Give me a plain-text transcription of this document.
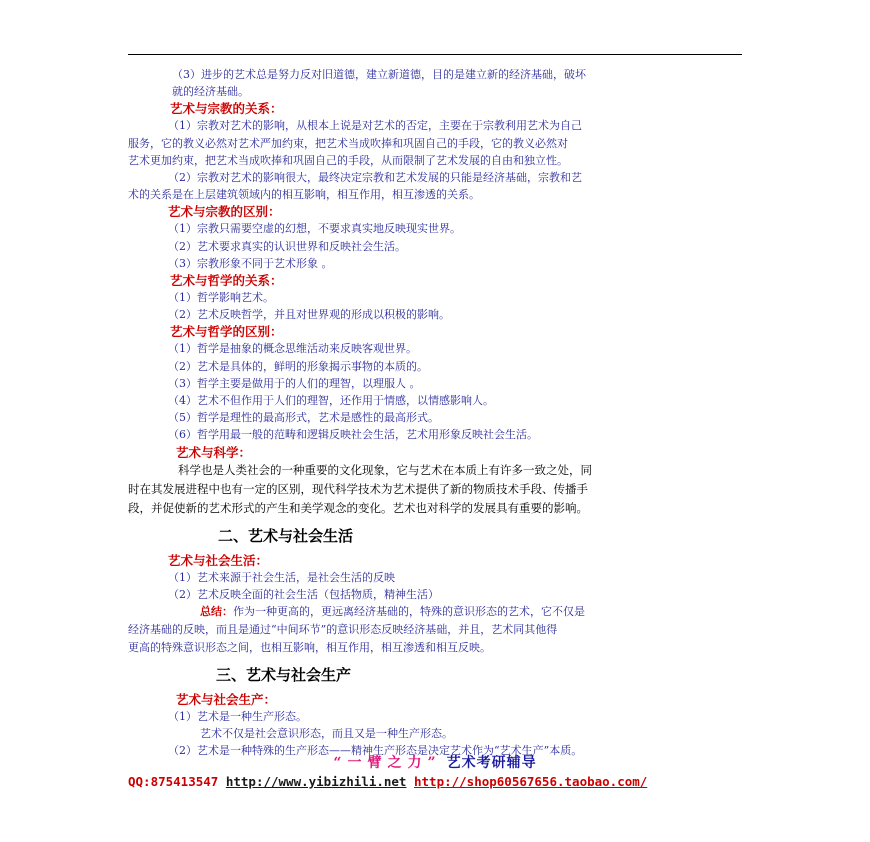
（3）进步的艺术总是努力反对旧道德，建立新道德，目的是建立新的经济基础，破坏
就的经济基础。
艺术与宗教的关系：
（1）宗教对艺术的影响，从根本上说是对艺术的否定，主要在于宗教利用艺术为自己
服务，它的教义必然对艺术严加约束，把艺术当成吹捧和巩固自己的手段，它的教义必然对
艺术更加约束，把艺术当成吹捧和巩固自己的手段，从而限制了艺术发展的自由和独立性。
（2）宗教对艺术的影响很大，最终决定宗教和艺术发展的只能是经济基础，宗教和艺
术的关系是在上层建筑领域内的相互影响，相互作用，相互渗透的关系。
艺术与宗教的区别：
（1）宗教只需要空虚的幻想，不要求真实地反映现实世界。
（2）艺术要求真实的认识世界和反映社会生活。
（3）宗教形象不同于艺术形象 。
艺术与哲学的关系：
（1）哲学影响艺术。
（2）艺术反映哲学，并且对世界观的形成以积极的影响。
艺术与哲学的区别：
（1）哲学是抽象的概念思维活动来反映客观世界。
（2）艺术是具体的，鲜明的形象揭示事物的本质的。
（3）哲学主要是做用于的人们的理智，以理服人 。
（4）艺术不但作用于人们的理智，还作用于情感，以情感影响人。
（5）哲学是理性的最高形式，艺术是感性的最高形式。
（6）哲学用最一般的范畴和逻辑反映社会生活，艺术用形象反映社会生活。
艺术与科学：
科学也是人类社会的一种重要的文化现象，它与艺术在本质上有许多一致之处，同
时在其发展进程中也有一定的区别，现代科学技术为艺术提供了新的物质技术手段、传播手
段，并促使新的艺术形式的产生和美学观念的变化。艺术也对科学的发展具有重要的影响。
二、艺术与社会生活
艺术与社会生活：
（1）艺术来源于社会生活，是社会生活的反映
（2）艺术反映全面的社会生活（包括物质，精神生活）
总结：作为一种更高的，更远离经济基础的，特殊的意识形态的艺术，它不仅是
经济基础的反映，而且是通过“中间环节”的意识形态反映经济基础，并且，艺术同其他得
更高的特殊意识形态之间，也相互影响，相互作用，相互渗透和相互反映。
三、艺术与社会生产
艺术与社会生产：
（1）艺术是一种生产形态。
艺术不仅是社会意识形态，而且又是一种生产形态。
（2）艺术是一种特殊的生产形态——精神生产形态是决定艺术作为“艺术生产”本质。
“一臂之力” 艺术考研辅导
QQ:875413547 http://www.yibizhili.net http://shop60567656.taobao.com/
